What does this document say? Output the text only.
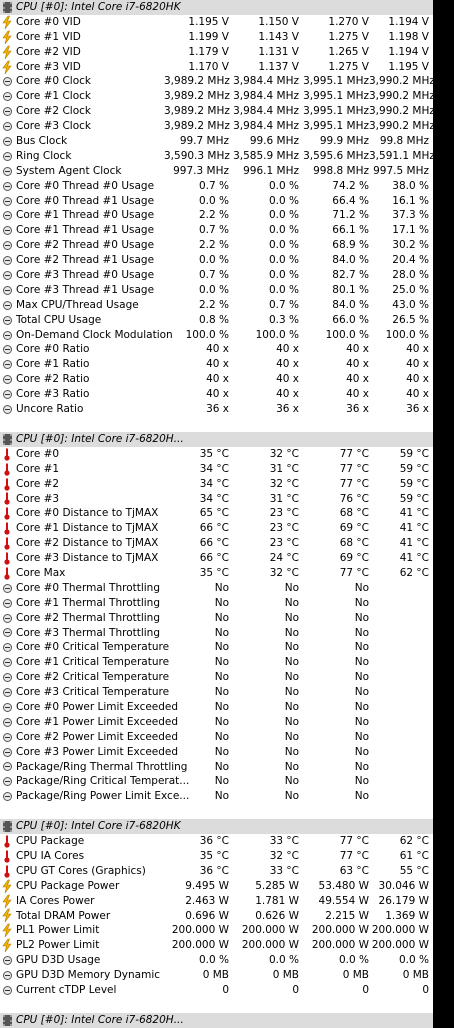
CPU [#0]: Intel Core i7-6820HK
Core #0 VID	1.195 V	1.150 V	1.270 V	1.194 V
Core #1 VID	1.199 V	1.143 V	1.275 V	1.198 V
Core #2 VID	1.179 V	1.131 V	1.265 V	1.194 V
Core #3 VID	1.170 V	1.137 V	1.275 V	1.195 V
Core #0 Clock	3,989.2 MHz 3,984.4 MHz 3,995.1 MHz 3,990.2 MHz
Core #1 Clock	3,989.2 MHz 3,984.4 MHz 3,995.1 MHz 3,990.2 MHz
Core #2 Clock	3,989.2 MHz 3,984.4 MHz 3,995.1 MHz 3,990.2 MHz
Core #3 Clock	3,989.2 MHz 3,984.4 MHz 3,995.1 MHz 3,990.2 MHz
Bus Clock	99.7 MHz	99.6 MHz	99.9 MHz	99.8 MHz
Ring Clock	3,590.3 MHz 3,585.9 MHz 3,595.6 MHz 3,591.1 MHz
System Agent Clock	997.3 MHz	996.1 MHz	998.8 MHz 997.5 MHz
Core #0 Thread #0 Usage	0.7 %	0.0 %	74.2 %	38.0 %
Core #0 Thread #1 Usage	0.0 %	0.0 %	66.4 %	16.1 %
Core #1 Thread #0 Usage	2.2 %	0.0 %	71.2 %	37.3 %
Core #1 Thread #1 Usage	0.7 %	0.0 %	66.1 %	17.1 %
Core #2 Thread #0 Usage	2.2 %	0.0 %	68.9 %	30.2 %
Core #2 Thread #1 Usage	0.0 %	0.0 %	84.0 %	20.4 %
Core #3 Thread #0 Usage	0.7 %	0.0 %	82.7 %	28.0 %
Core #3 Thread #1 Usage	0.0 %	0.0 %	80.1 %	25.0 %
Max CPU/Thread Usage	2.2 %	0.7 %	84.0 %	43.0 %
Total CPU Usage	0.8 %	0.3 %	66.0 %	26.5 %
On-Demand Clock Modulation	100.0 %	100.0 %	100.0 %	100.0 %
Core #0 Ratio	40 x	40 x	40 x	40 x
Core #1 Ratio	40 x	40 x	40 x	40 x
Core #2 Ratio	40 x	40 x	40 x	40 x
Core #3 Ratio	40 x	40 x	40 x	40 x
Uncore Ratio	36 x	36 x	36 x	36 x
CPU [#0]: Intel Core i7-6820H...
Core #0	35 °C	32 °C	77 °C	59 °C
Core #1	34 °C	31 °C	77 °C	59 °C
Core #2	34 °C	32 °C	77 °C	59 °C
Core #3	34 °C	31 °C	76 °C	59 °C
Core #0 Distance to TjMAX	65 °C	23 °C	68 °C	41 °C
Core #1 Distance to TjMAX	66 °C	23 °C	69 °C	41 °C
Core #2 Distance to TjMAX	66 °C	23 °C	68 °C	41 °C
Core #3 Distance to TjMAX	66 °C	24 °C	69 °C	41 °C
Core Max	35 °C	32 °C	77 °C	62 °C
Core #0 Thermal Throttling	No	No	No
Core #1 Thermal Throttling	No	No	No
Core #2 Thermal Throttling	No	No	No
Core #3 Thermal Throttling	No	No	No
Core #0 Critical Temperature	No	No	No
Core #1 Critical Temperature	No	No	No
Core #2 Critical Temperature	No	No	No
Core #3 Critical Temperature	No	No	No
Core #0 Power Limit Exceeded	No	No	No
Core #1 Power Limit Exceeded	No	No	No
Core #2 Power Limit Exceeded	No	No	No
Core #3 Power Limit Exceeded	No	No	No
Package/Ring Thermal Throttling	No	No	No
Package/Ring Critical Temperat...	No	No	No
Package/Ring Power Limit Exce...	No	No	No
CPU [#0]: Intel Core i7-6820HK
CPU Package	36 °C	33 °C	77 °C	62 °C
CPU IA Cores	35 °C	32 °C	77 °C	61 °C
CPU GT Cores (Graphics)	36 °C	33 °C	63 °C	55 °C
CPU Package Power	9.495 W	5.285 W	53.480 W 30.046 W
IA Cores Power	2.463 W	1.781 W	49.554 W 26.179 W
Total DRAM Power	0.696 W	0.626 W	2.215 W	1.369 W
PL1 Power Limit	200.000 W	200.000 W	200.000 W 200.000 W
PL2 Power Limit	200.000 W	200.000 W	200.000 W 200.000 W
GPU D3D Usage	0.0 %	0.0 %	0.0 %	0.0 %
GPU D3D Memory Dynamic	0 MB	0 MB	0 MB	0 MB
Current cTDP Level	0	0	0	0
CPU [#0]: Intel Core i7-6820H...
